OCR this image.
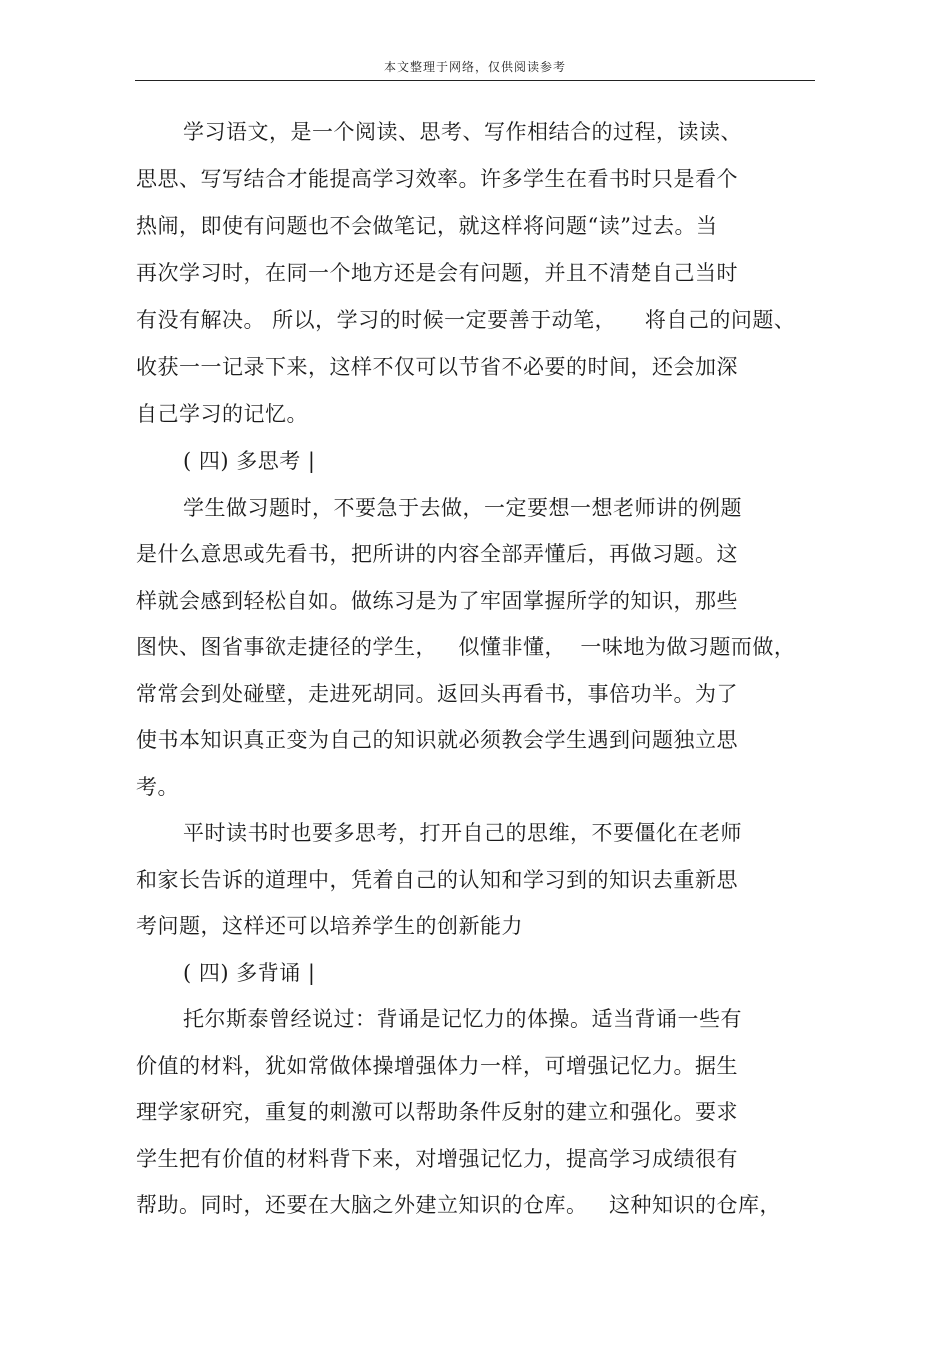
本文整理于网络，仅供阅读参考
学习语文，是一个阅读、思考、写作相结合的过程，读读、
思思、写写结合才能提高学习效率。许多学生在看书时只是看个
热闹，即使有问题也不会做笔记，就这样将问题“读”过去。当
再次学习时，在同一个地方还是会有问题，并且不清楚自己当时
有没有解决。 所以，学习的时候一定要善于动笔，    将自己的问题、
收获一一记录下来，这样不仅可以节省不必要的时间，还会加深
自己学习的记忆。
( 四) 多思考 |
学生做习题时，不要急于去做，一定要想一想老师讲的例题
是什么意思或先看书，把所讲的内容全部弄懂后，再做习题。这
样就会感到轻松自如。做练习是为了牢固掌握所学的知识，那些
图快、图省事欲走捷径的学生，   似懂非懂，  一味地为做习题而做，
常常会到处碰壁，走进死胡同。返回头再看书，事倍功半。为了
使书本知识真正变为自己的知识就必须教会学生遇到问题独立思
考。
平时读书时也要多思考，打开自己的思维，不要僵化在老师
和家长告诉的道理中，凭着自己的认知和学习到的知识去重新思
考问题，这样还可以培养学生的创新能力
( 四) 多背诵 |
托尔斯泰曾经说过：背诵是记忆力的体操。适当背诵一些有
价值的材料，犹如常做体操增强体力一样，可增强记忆力。据生
理学家研究，重复的刺激可以帮助条件反射的建立和强化。要求
学生把有价值的材料背下来，对增强记忆力，提高学习成绩很有
帮助。同时，还要在大脑之外建立知识的仓库。   这种知识的仓库，
